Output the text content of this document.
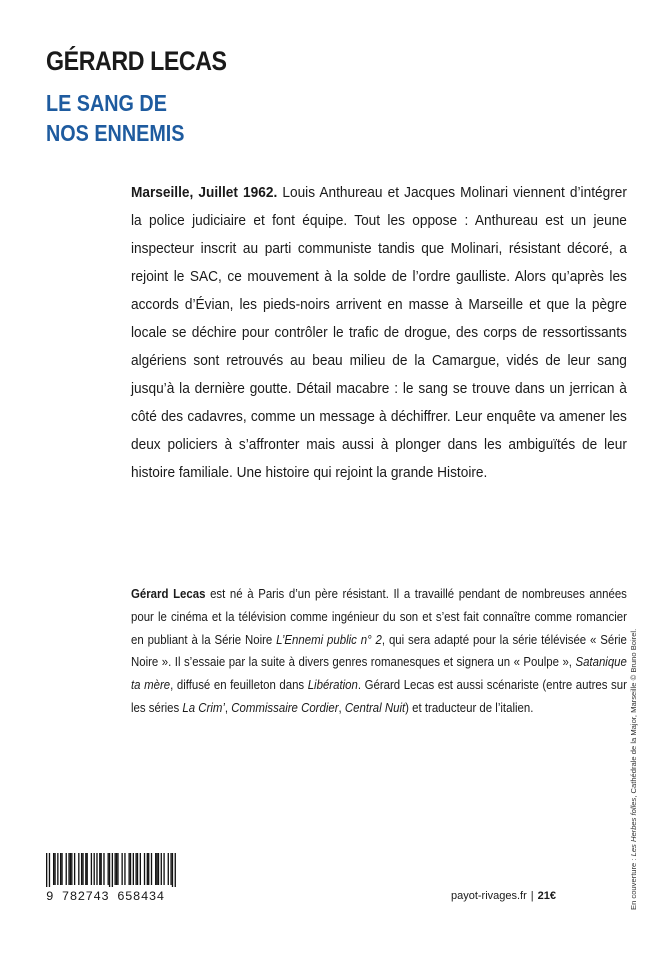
GÉRARD LECAS
LE SANG DE
NOS ENNEMIS
Marseille, Juillet 1962. Louis Anthureau et Jacques Molinari viennent d’intégrer la police judiciaire et font équipe. Tout les oppose : Anthureau est un jeune inspecteur inscrit au parti communiste tandis que Molinari, résistant décoré, a rejoint le SAC, ce mouvement à la solde de l’ordre gaulliste. Alors qu’après les accords d’Évian, les pieds-noirs arrivent en masse à Marseille et que la pègre locale se déchire pour contrôler le trafic de drogue, des corps de ressortissants algériens sont retrouvés au beau milieu de la Camargue, vidés de leur sang jusqu’à la dernière goutte. Détail macabre : le sang se trouve dans un jerrican à côté des cadavres, comme un message à déchiffrer. Leur enquête va amener les deux policiers à s’affronter mais aussi à plonger dans les ambiguïtés de leur histoire familiale. Une histoire qui rejoint la grande Histoire.
Gérard Lecas est né à Paris d’un père résistant. Il a travaillé pendant de nombreuses années pour le cinéma et la télévision comme ingénieur du son et s’est fait connaître comme romancier en publiant à la Série Noire L’Ennemi public n° 2, qui sera adapté pour la série télévisée « Série Noire ». Il s’essaie par la suite à divers genres romanesques et signera un « Poulpe », Satanique ta mère, diffusé en feuilleton dans Libération. Gérard Lecas est aussi scénariste (entre autres sur les séries La Crim’, Commissaire Cordier, Central Nuit) et traducteur de l’italien.
9 782743 658434	payot-rivages.fr | 21€	En couverture : Les Herbes folles, Cathédrale de la Major, Marseille © Bruno Boirel.
